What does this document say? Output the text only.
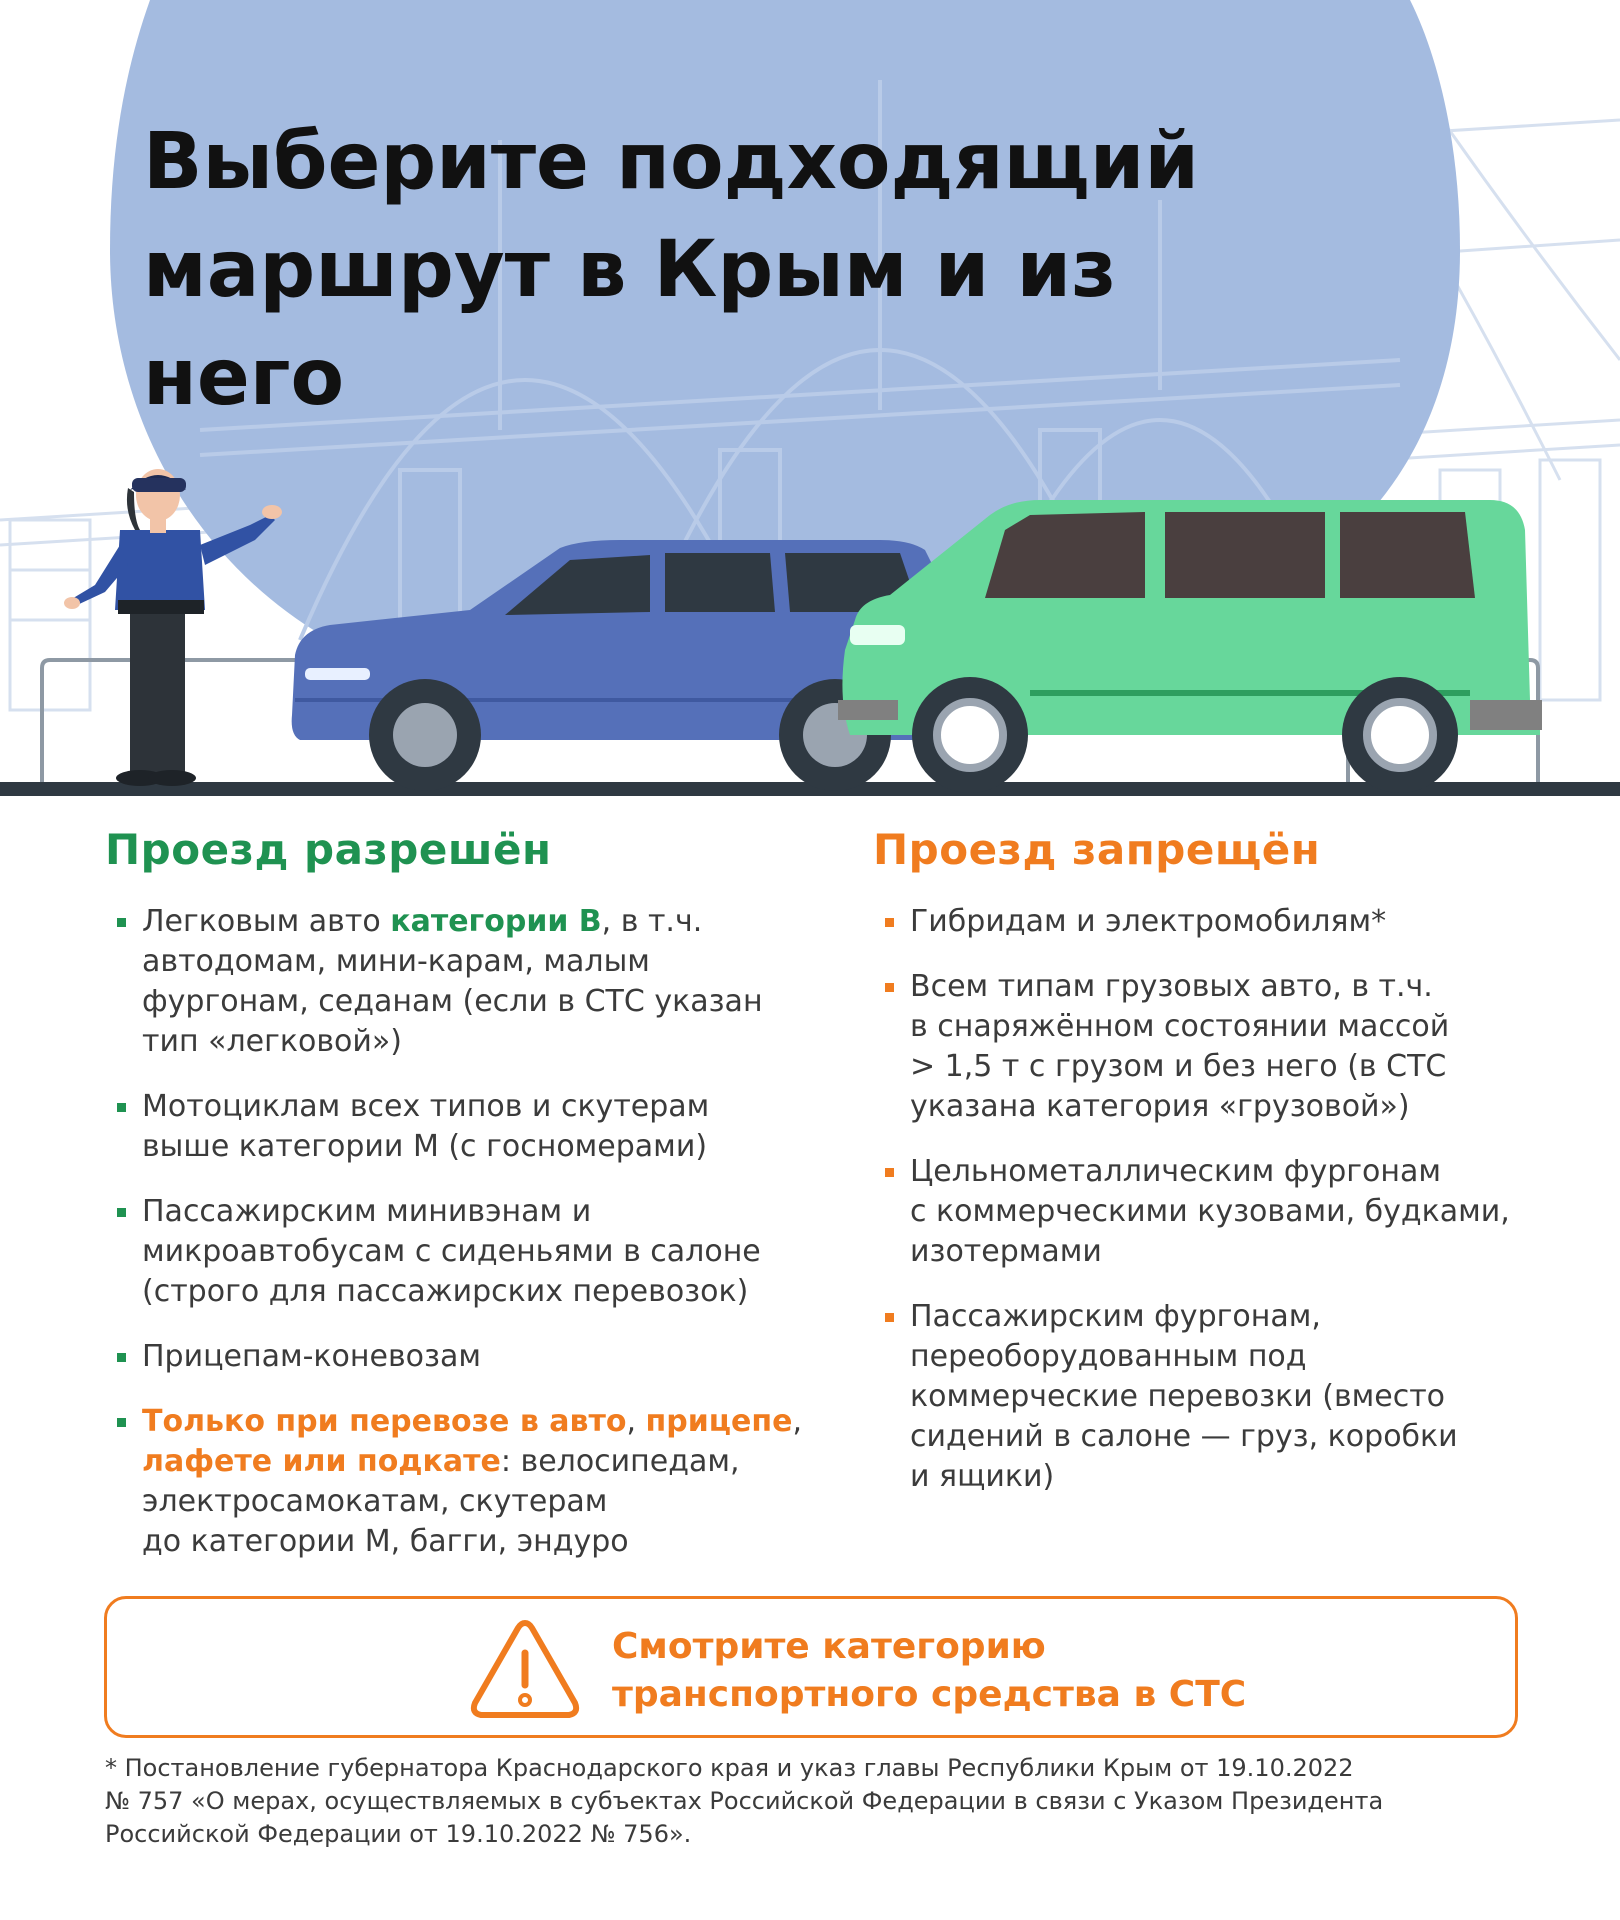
Выберите подходящий
маршрут в Крым и из него
Проезд разрешён
Легковым авто категории В, в т.ч.
автодомам, мини-карам, малым
фургонам, седанам (если в СТС указан
тип «легковой»)
Мотоциклам всех типов и скутерам
выше категории М (с госномерами)
Пассажирским минивэнам и
микроавтобусам с сиденьями в салоне
(строго для пассажирских перевозок)
Прицепам-коневозам
Только при перевозе в авто, прицепе,
лафете или подкате: велосипедам,
электросамокатам, скутерам
до категории М, багги, эндуро
Проезд запрещён
Гибридам и электромобилям*
Всем типам грузовых авто, в т.ч.
в снаряжённом состоянии массой
> 1,5 т с грузом и без него (в СТС
указана категория «грузовой»)
Цельнометаллическим фургонам
с коммерческими кузовами, будками,
изотермами
Пассажирским фургонам,
переоборудованным под
коммерческие перевозки (вместо
сидений в салоне — груз, коробки
и ящики)
Смотрите категорию
транспортного средства в СТС
* Постановление губернатора Краснодарского края и указ главы Республики Крым от 19.10.2022
№ 757 «О мерах, осуществляемых в субъектах Российской Федерации в связи с Указом Президента
Российской Федерации от 19.10.2022 № 756».
